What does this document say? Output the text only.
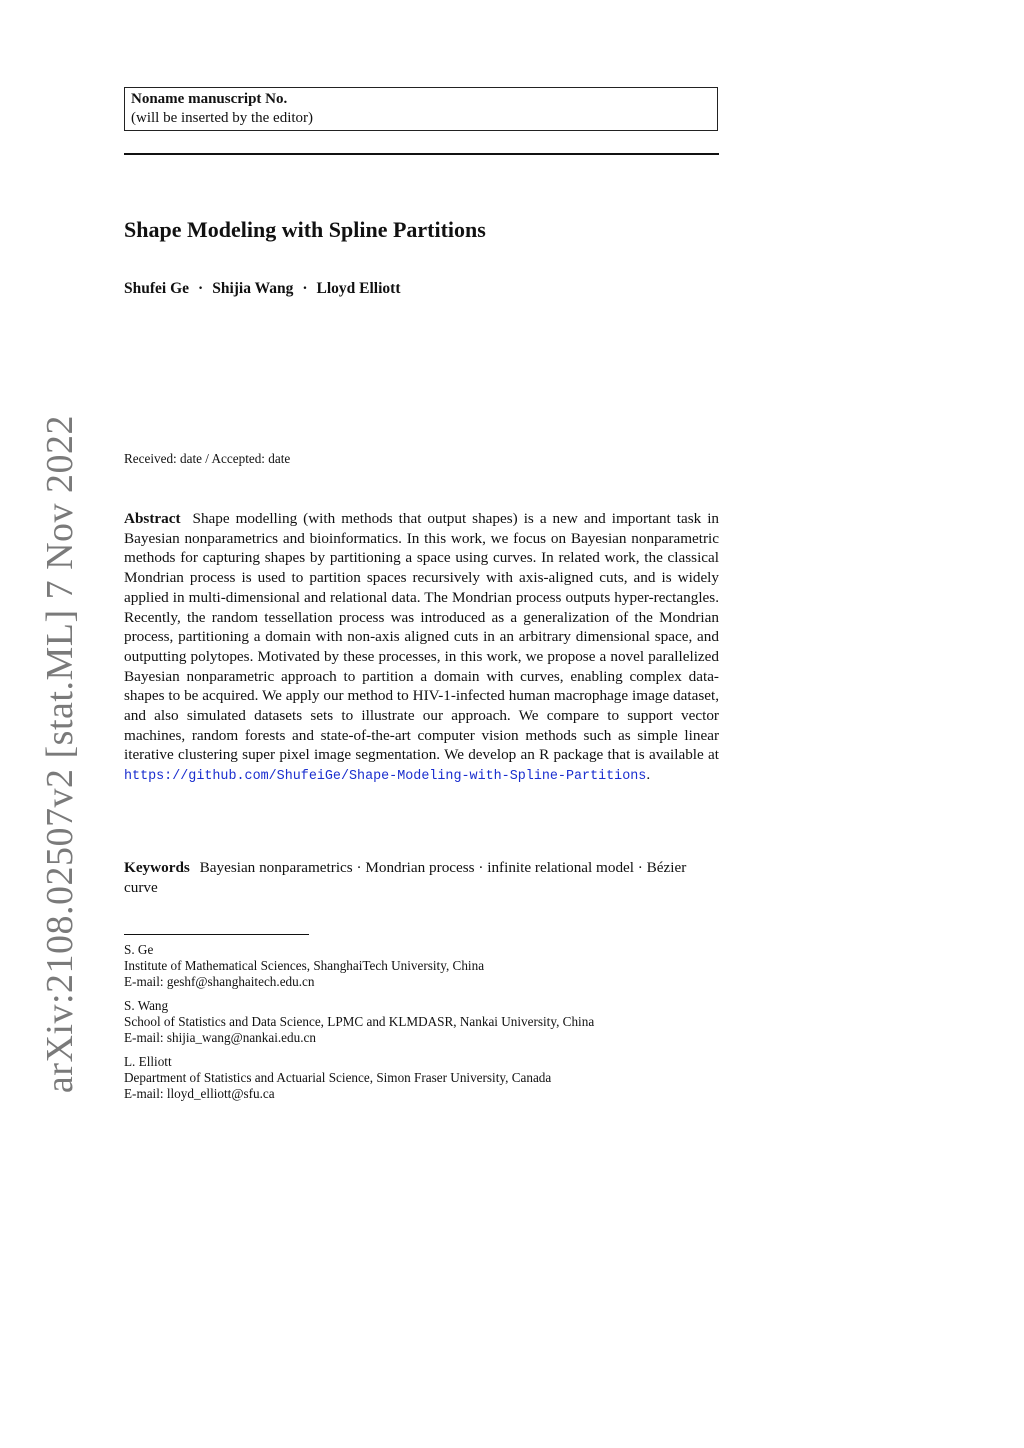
arXiv:2108.02507v2 [stat.ML] 7 Nov 2022
Noname manuscript No.
(will be inserted by the editor)
Shape Modeling with Spline Partitions
Shufei Ge · Shijia Wang · Lloyd Elliott
Received: date / Accepted: date
Abstract Shape modelling (with methods that output shapes) is a new and important task in Bayesian nonparametrics and bioinformatics. In this work, we focus on Bayesian nonparametric methods for capturing shapes by partitioning a space using curves. In related work, the classical Mondrian process is used to partition spaces recursively with axis-aligned cuts, and is widely applied in multi-dimensional and relational data. The Mondrian process outputs hyper-rectangles. Recently, the random tessellation process was introduced as a generalization of the Mondrian process, partitioning a domain with non-axis aligned cuts in an arbitrary dimensional space, and outputting polytopes. Motivated by these processes, in this work, we propose a novel parallelized Bayesian nonparametric approach to partition a domain with curves, enabling complex data-shapes to be acquired. We apply our method to HIV-1-infected human macrophage image dataset, and also simulated datasets sets to illustrate our approach. We compare to support vector machines, random forests and state-of-the-art computer vision methods such as simple linear iterative clustering super pixel image segmentation. We develop an R package that is available at https://github.com/ShufeiGe/Shape-Modeling-with-Spline-Partitions.
Keywords Bayesian nonparametrics · Mondrian process · infinite relational model · Bézier curve
S. Ge
Institute of Mathematical Sciences, ShanghaiTech University, China
E-mail: geshf@shanghaitech.edu.cn
S. Wang
School of Statistics and Data Science, LPMC and KLMDASR, Nankai University, China
E-mail: shijia_wang@nankai.edu.cn
L. Elliott
Department of Statistics and Actuarial Science, Simon Fraser University, Canada
E-mail: lloyd_elliott@sfu.ca
